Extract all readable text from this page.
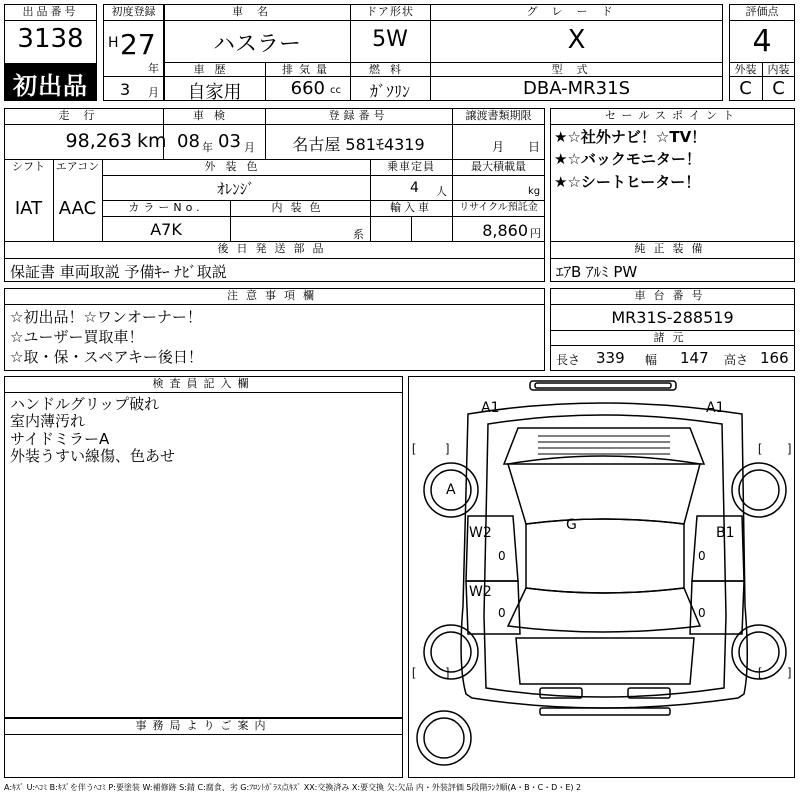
出品番号
3138
初出品
初度登録
H 27
年
3 月
車名
ハスラー
ドア形状
5W
グレード
X
車歴
自家用
排気量
660 cc
燃料
ｶﾞｿﾘﾝ
型式
DBA-MR31S
評価点
4
外装	内装
C	C
走行
98,263 km
車検
08 年 03 月
登録番号
名古屋 581ﾓ4319
譲渡書類期限
月 日
シフト
IAT
エアコン
AAC
外装色
ｵﾚﾝｼﾞ
乗車定員
4 人
最大積載量
kg
カラーNo.
A7K
内装色
系
輸入車	リサイクル預託金
8,860 円
後日発送部品
保証書 車両取説 予備ｷｰ ﾅﾋﾞ取説
セールスポイント
★☆社外ナビ！☆TV！
★☆バックモニター！
★☆シートヒーター！
純正装備
ｴｱB ｱﾙﾐ PW
注意事項欄
☆初出品！☆ワンオーナー！
☆ユーザー買取車！
☆取・保・スペアキー後日！
車台番号
MR31S-288519
諸元
長さ 339 幅 147 高さ 166
検査員記入欄
ハンドルグリップ破れ
室内薄汚れ
サイドミラーA
外装うすい線傷、色あせ
事務局よりご案内
[	]	[ ]
[	]	[ ]
A1	A1
A
G
W2
W2
B1
0
0
0
0
A:ｷｽﾞ U:ﾍｺﾐ B:ｷｽﾞを伴うﾍｺﾐ P:要塗装 W:補修跡 S:錆 C:腐食、劣 G:ﾌﾛﾝﾄｶﾞﾗｽ点ｷｽﾞ XX:交換済み X:要交換 欠:欠品 内・外装評価 5段階ﾗﾝｸ順(A・B・C・D・E) 2
